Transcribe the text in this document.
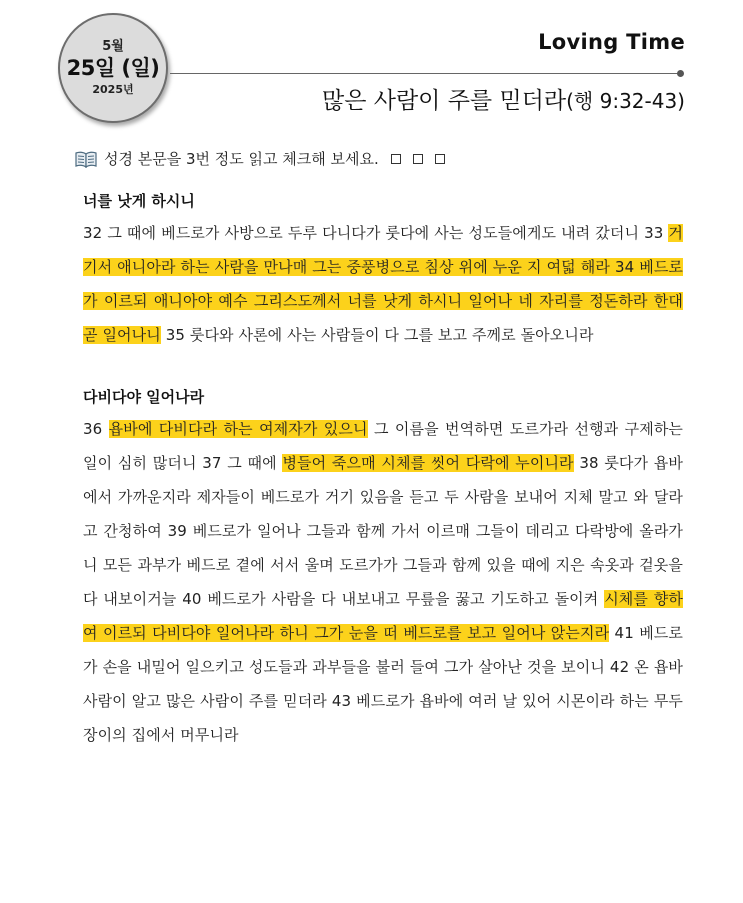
5월
25일 (일)
2025년
Loving Time
많은 사람이 주를 믿더라(행 9:32-43)
성경 본문을 3번 정도 읽고 체크해 보세요.
너를 낫게 하시니
32 그 때에 베드로가 사방으로 두루 다니다가 룻다에 사는 성도들에게도 내려 갔더니 33 거기서 애니아라 하는 사람을 만나매 그는 중풍병으로 침상 위에 누운 지 여덟 해라 34 베드로가 이르되 애니아야 예수 그리스도께서 너를 낫게 하시니 일어나 네 자리를 정돈하라 한대 곧 일어나니 35 룻다와 사론에 사는 사람들이 다 그를 보고 주께로 돌아오니라
다비다야 일어나라
36 욥바에 다비다라 하는 여제자가 있으니 그 이름을 번역하면 도르가라 선행과 구제하는 일이 심히 많더니 37 그 때에 병들어 죽으매 시체를 씻어 다락에 누이니라 38 룻다가 욥바에서 가까운지라 제자들이 베드로가 거기 있음을 듣고 두 사람을 보내어 지체 말고 와 달라고 간청하여 39 베드로가 일어나 그들과 함께 가서 이르매 그들이 데리고 다락방에 올라가니 모든 과부가 베드로 곁에 서서 울며 도르가가 그들과 함께 있을 때에 지은 속옷과 겉옷을 다 내보이거늘 40 베드로가 사람을 다 내보내고 무릎을 꿇고 기도하고 돌이켜 시체를 향하여 이르되 다비다야 일어나라 하니 그가 눈을 떠 베드로를 보고 일어나 앉는지라 41 베드로가 손을 내밀어 일으키고 성도들과 과부들을 불러 들여 그가 살아난 것을 보이니 42 온 욥바 사람이 알고 많은 사람이 주를 믿더라 43 베드로가 욥바에 여러 날 있어 시몬이라 하는 무두장이의 집에서 머무니라
